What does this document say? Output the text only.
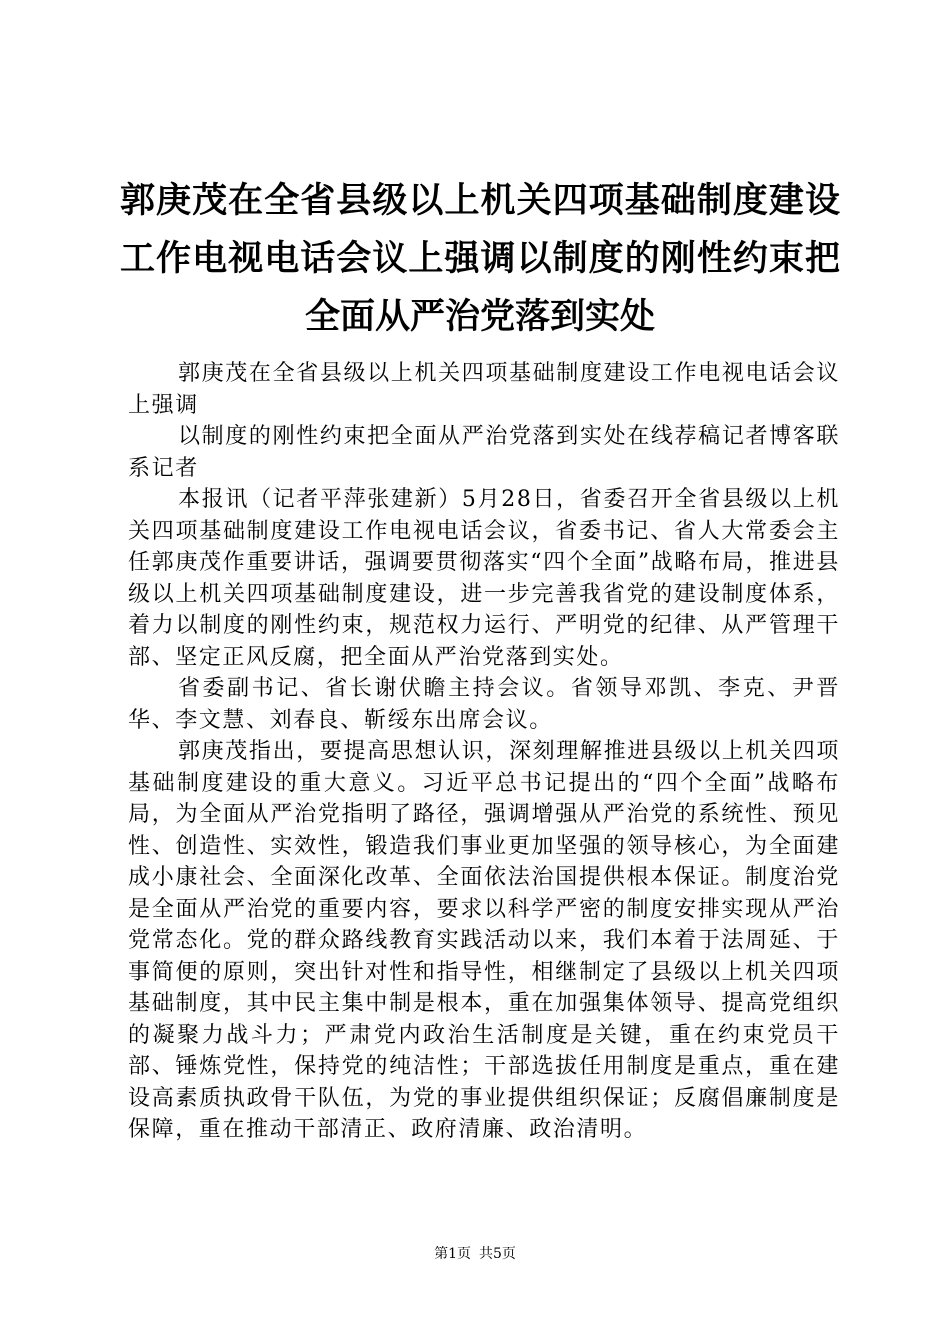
郭庚茂在全省县级以上机关四项基础制度建设工作电视电话会议上强调以制度的刚性约束把全面从严治党落到实处

郭庚茂在全省县级以上机关四项基础制度建设工作电视电话会议上强调

以制度的刚性约束把全面从严治党落到实处在线荐稿记者博客联系记者

本报讯（记者平萍张建新）5月28日，省委召开全省县级以上机关四项基础制度建设工作电视电话会议，省委书记、省人大常委会主任郭庚茂作重要讲话，强调要贯彻落实“四个全面”战略布局，推进县级以上机关四项基础制度建设，进一步完善我省党的建设制度体系，着力以制度的刚性约束，规范权力运行、严明党的纪律、从严管理干部、坚定正风反腐，把全面从严治党落到实处。

省委副书记、省长谢伏瞻主持会议。省领导邓凯、李克、尹晋华、李文慧、刘春良、靳绥东出席会议。

郭庚茂指出，要提高思想认识，深刻理解推进县级以上机关四项基础制度建设的重大意义。习近平总书记提出的“四个全面”战略布局，为全面从严治党指明了路径，强调增强从严治党的系统性、预见性、创造性、实效性，锻造我们事业更加坚强的领导核心，为全面建成小康社会、全面深化改革、全面依法治国提供根本保证。制度治党是全面从严治党的重要内容，要求以科学严密的制度安排实现从严治党常态化。党的群众路线教育实践活动以来，我们本着于法周延、于事简便的原则，突出针对性和指导性，相继制定了县级以上机关四项基础制度，其中民主集中制是根本，重在加强集体领导、提高党组织的凝聚力战斗力；严肃党内政治生活制度是关键，重在约束党员干部、锤炼党性，保持党的纯洁性；干部选拔任用制度是重点，重在建设高素质执政骨干队伍，为党的事业提供组织保证；反腐倡廉制度是保障，重在推动干部清正、政府清廉、政治清明。

第1页 共5页
